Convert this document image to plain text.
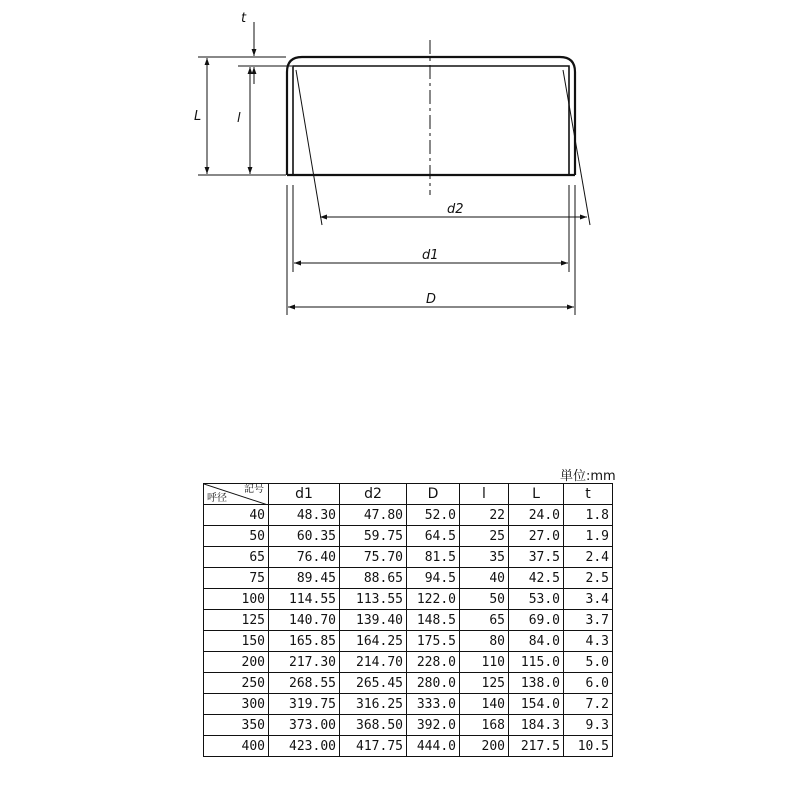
t
L	l
d2
d1
D
単位:mm
記号
呼径	d1	d2	D	l	L	t
40	48.30	47.80	52.0	22	24.0	1.8
50	60.35	59.75	64.5	25	27.0	1.9
65	76.40	75.70	81.5	35	37.5	2.4
75	89.45	88.65	94.5	40	42.5	2.5
100	114.55	113.55	122.0	50	53.0	3.4
125	140.70	139.40	148.5	65	69.0	3.7
150	165.85	164.25	175.5	80	84.0	4.3
200	217.30	214.70	228.0	110	115.0	5.0
250	268.55	265.45	280.0	125	138.0	6.0
300	319.75	316.25	333.0	140	154.0	7.2
350	373.00	368.50	392.0	168	184.3	9.3
400	423.00	417.75	444.0	200	217.5	10.5
